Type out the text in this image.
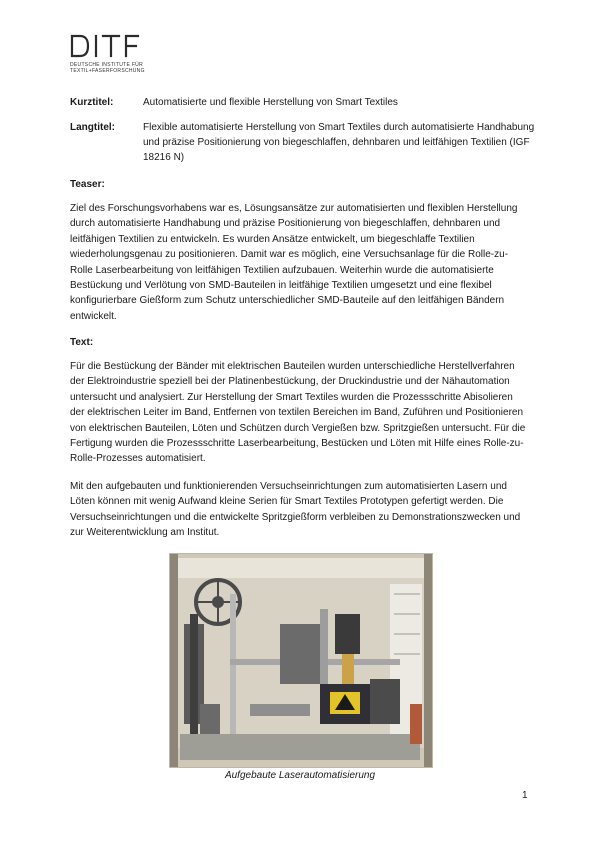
DEUTSCHE INSTITUTE FÜR
TEXTIL+FASERFORSCHUNG
Kurztitel:	Automatisierte und flexible Herstellung von Smart Textiles
Langtitel:	Flexible automatisierte Herstellung von Smart Textiles durch automatisierte Handhabung und präzise Positionierung von biegeschlaffen, dehnbaren und leitfähigen Textilien (IGF 18216 N)
Teaser:
Ziel des Forschungsvorhabens war es, Lösungsansätze zur automatisierten und flexiblen Herstellung durch automatisierte Handhabung und präzise Positionierung von biegeschlaffen, dehnbaren und leitfähigen Textilien zu entwickeln. Es wurden Ansätze entwickelt, um biegeschlaffe Textilien wiederholungsgenau zu positionieren. Damit war es möglich, eine Versuchsanlage für die Rolle-zu-Rolle Laserbearbeitung von leitfähigen Textilien aufzubauen. Weiterhin wurde die automatisierte Bestückung und Verlötung von SMD-Bauteilen in leitfähige Textilien umgesetzt und eine flexibel konfigurierbare Gießform zum Schutz unterschiedlicher SMD-Bauteile auf den leitfähigen Bändern entwickelt.
Text:
Für die Bestückung der Bänder mit elektrischen Bauteilen wurden unterschiedliche Herstellverfahren der Elektroindustrie speziell bei der Platinenbestückung, der Druckindustrie und der Nähautomation untersucht und analysiert. Zur Herstellung der Smart Textiles wurden die Prozessschritte Abisolieren der elektrischen Leiter im Band, Entfernen von textilen Bereichen im Band, Zuführen und Positionieren von elektrischen Bauteilen, Löten und Schützen durch Vergießen bzw. Spritzgießen untersucht. Für die Fertigung wurden die Prozessschritte Laserbearbeitung, Bestücken und Löten mit Hilfe eines Rolle-zu-Rolle-Prozesses automatisiert.
Mit den aufgebauten und funktionierenden Versuchseinrichtungen zum automatisierten Lasern und Löten können mit wenig Aufwand kleine Serien für Smart Textiles Prototypen gefertigt werden. Die Versuchseinrichtungen und die entwickelte Spritzgießform verbleiben zu Demonstrationszwecken und zur Weiterentwicklung am Institut.
Aufgebaute Laserautomatisierung
1
